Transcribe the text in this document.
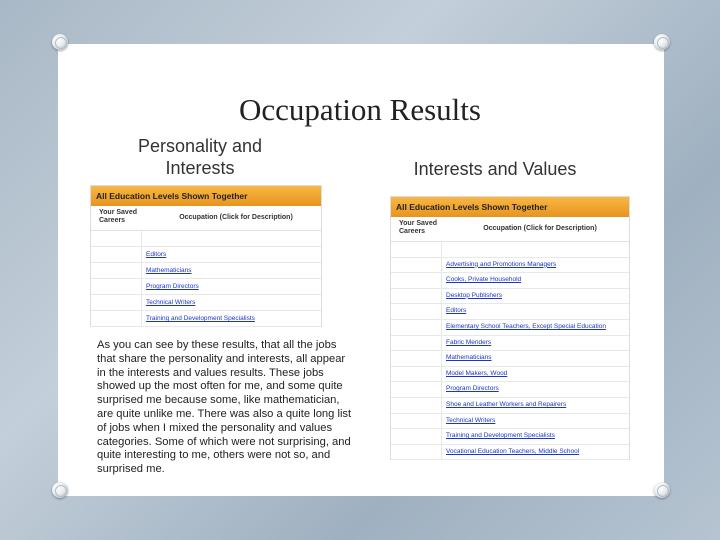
Occupation Results
Personality and Interests	Interests and Values
All Education Levels Shown Together
Your Saved Careers	Occupation (Click for Description)
Editors
Mathematicians
Program Directors
Technical Writers
Training and Development Specialists
All Education Levels Shown Together
Your Saved Careers	Occupation (Click for Description)
Advertising and Promotions Managers
Cooks, Private Household
Desktop Publishers
Editors
Elementary School Teachers, Except Special Education
Fabric Menders
Mathematicians
Model Makers, Wood
Program Directors
Shoe and Leather Workers and Repairers
Technical Writers
Training and Development Specialists
Vocational Education Teachers, Middle School
As you can see by these results, that all the jobs that share the personality and interests, all appear in the interests and values results. These jobs showed up the most often for me, and some quite surprised me because some, like mathematician, are quite unlike me. There was also a quite long list of jobs when I mixed the personality and values categories. Some of which were not surprising, and quite interesting to me, others were not so, and surprised me.
